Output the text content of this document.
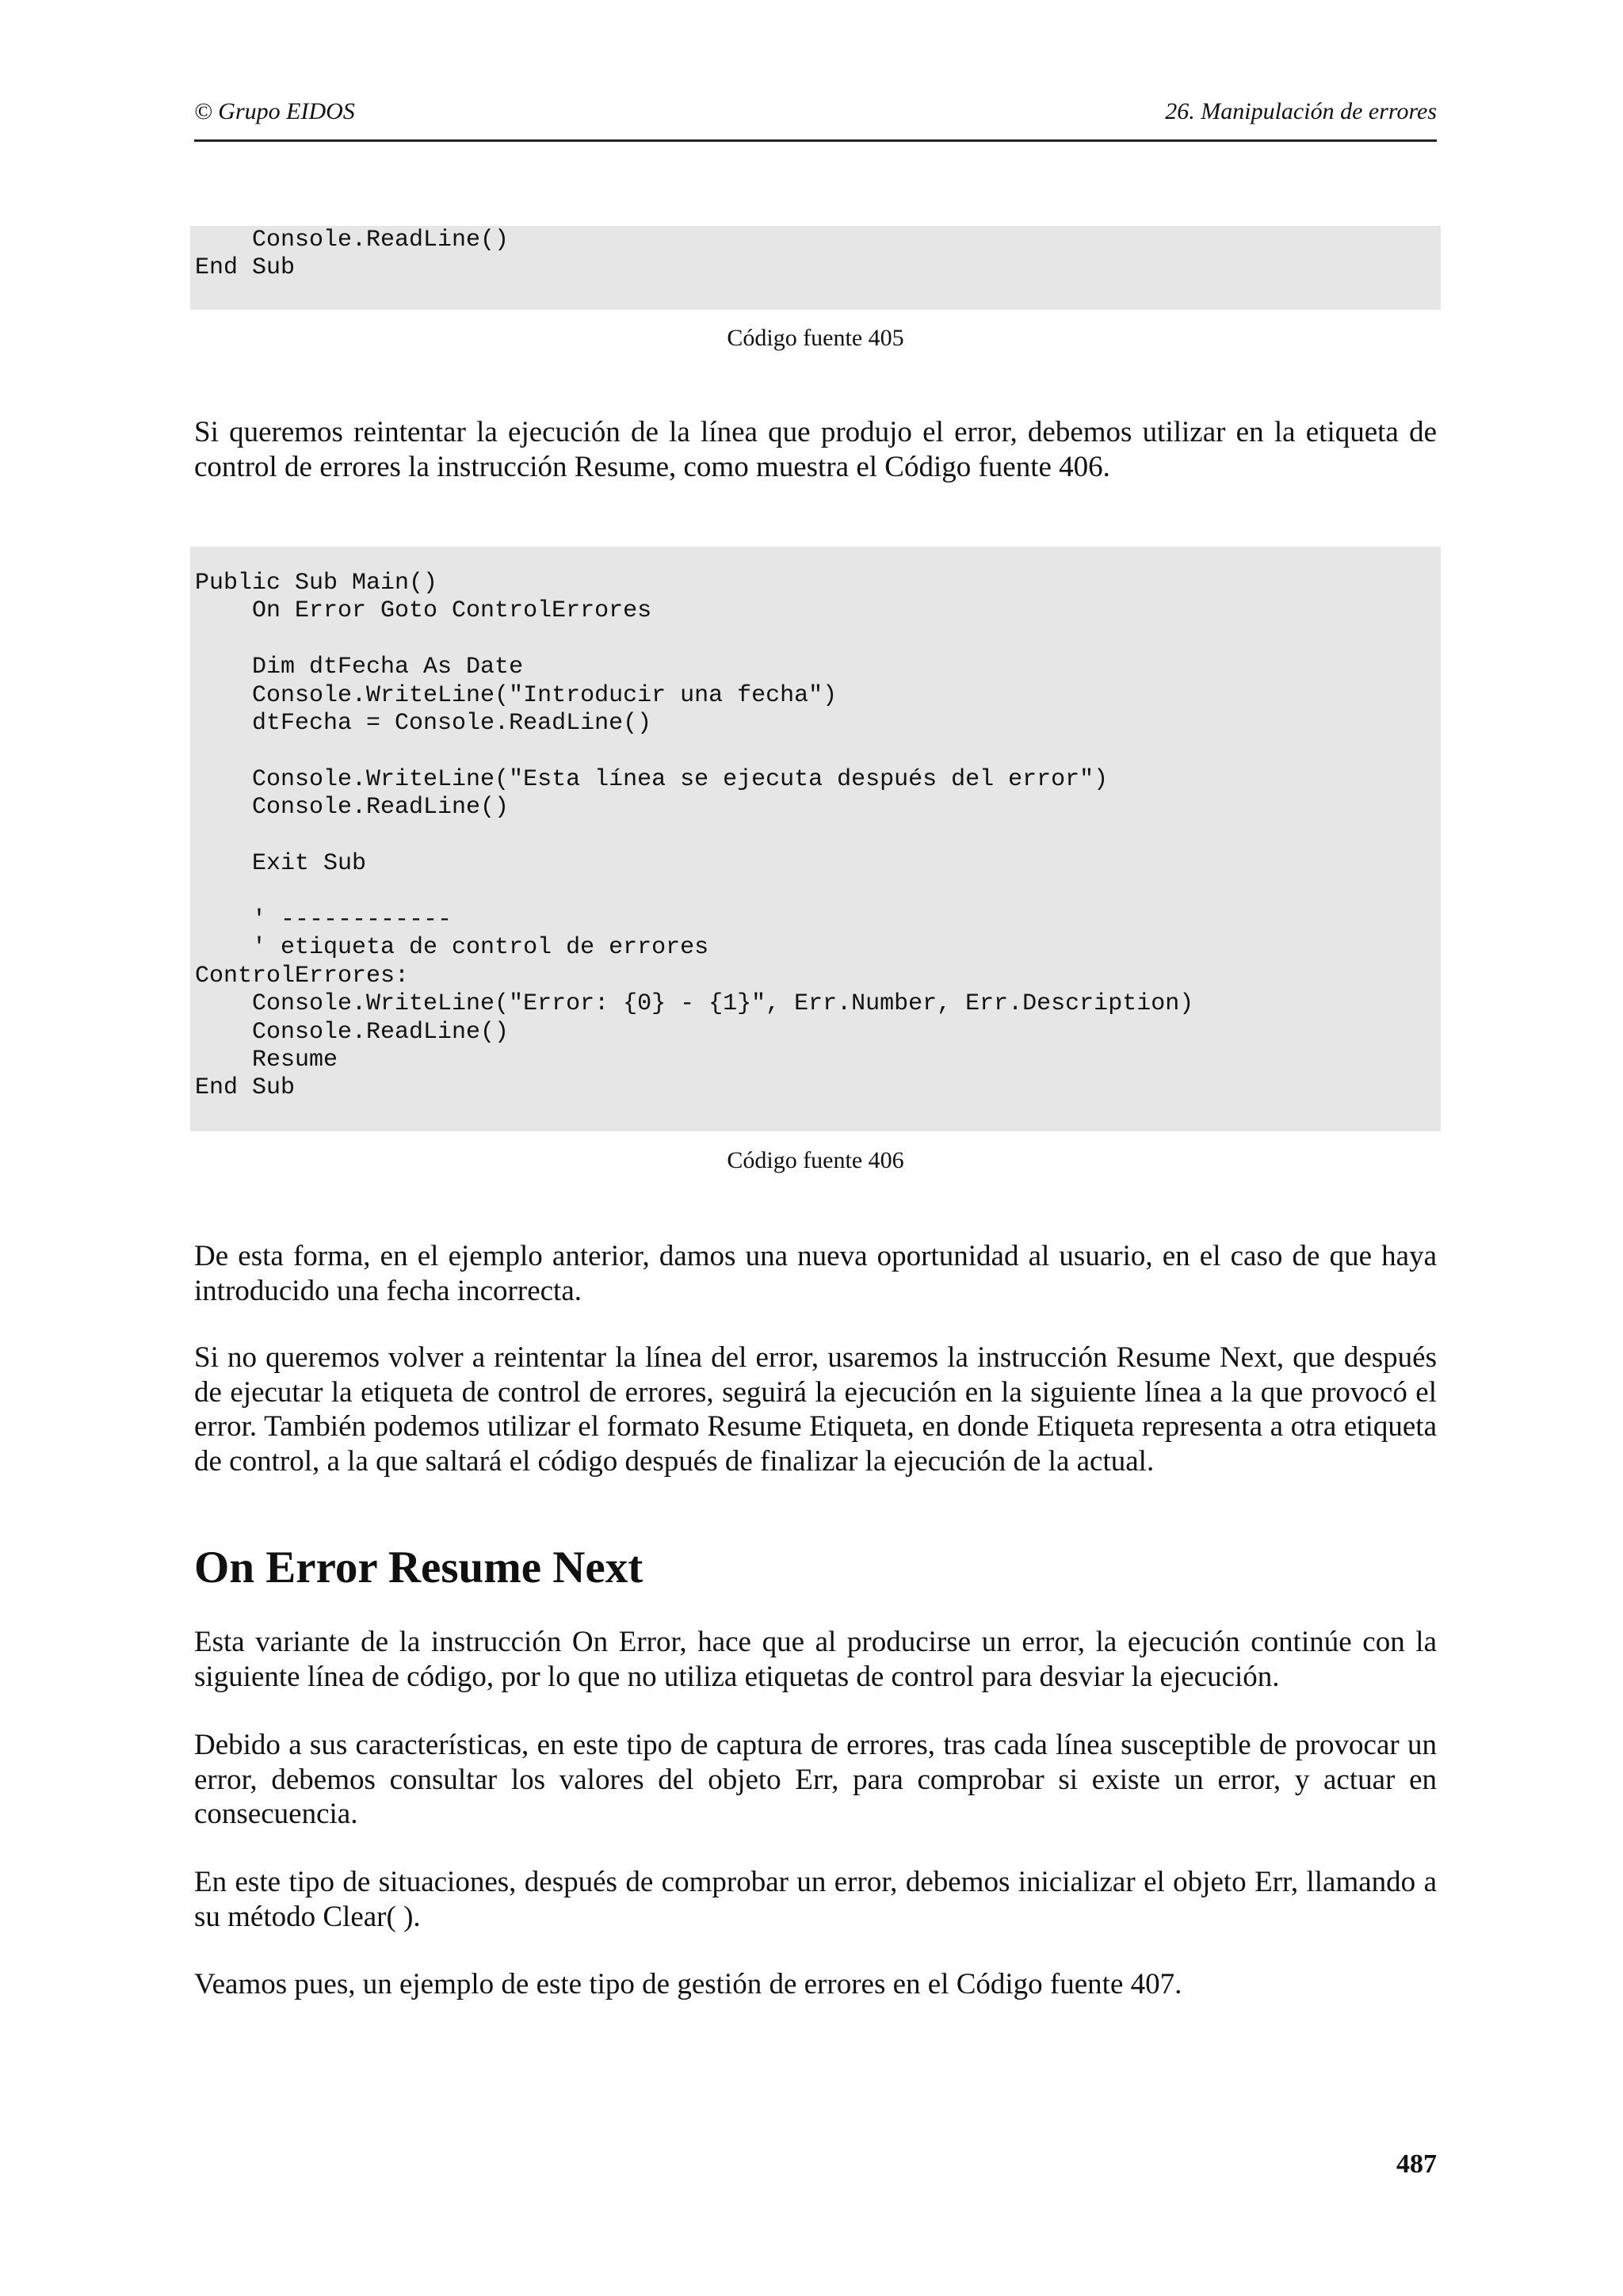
© Grupo EIDOS	26. Manipulación de errores
Console.ReadLine()
End Sub
Código fuente 405
Si queremos reintentar la ejecución de la línea que produjo el error, debemos utilizar en la etiqueta de control de errores la instrucción Resume, como muestra el Código fuente 406.
Public Sub Main()
On Error Goto ControlErrores

Dim dtFecha As Date
Console.WriteLine("Introducir una fecha")
dtFecha = Console.ReadLine()

Console.WriteLine("Esta línea se ejecuta después del error")
Console.ReadLine()

Exit Sub

' ------------
' etiqueta de control de errores
ControlErrores:
Console.WriteLine("Error: {0} - {1}", Err.Number, Err.Description)
Console.ReadLine()
Resume
End Sub
Código fuente 406
De esta forma, en el ejemplo anterior, damos una nueva oportunidad al usuario, en el caso de que haya introducido una fecha incorrecta.
Si no queremos volver a reintentar la línea del error, usaremos la instrucción Resume Next, que después de ejecutar la etiqueta de control de errores, seguirá la ejecución en la siguiente línea a la que provocó el error. También podemos utilizar el formato Resume Etiqueta, en donde Etiqueta representa a otra etiqueta de control, a la que saltará el código después de finalizar la ejecución de la actual.
On Error Resume Next
Esta variante de la instrucción On Error, hace que al producirse un error, la ejecución continúe con la siguiente línea de código, por lo que no utiliza etiquetas de control para desviar la ejecución.
Debido a sus características, en este tipo de captura de errores, tras cada línea susceptible de provocar un error, debemos consultar los valores del objeto Err, para comprobar si existe un error, y actuar en consecuencia.
En este tipo de situaciones, después de comprobar un error, debemos inicializar el objeto Err, llamando a su método Clear( ).
Veamos pues, un ejemplo de este tipo de gestión de errores en el Código fuente 407.
487
